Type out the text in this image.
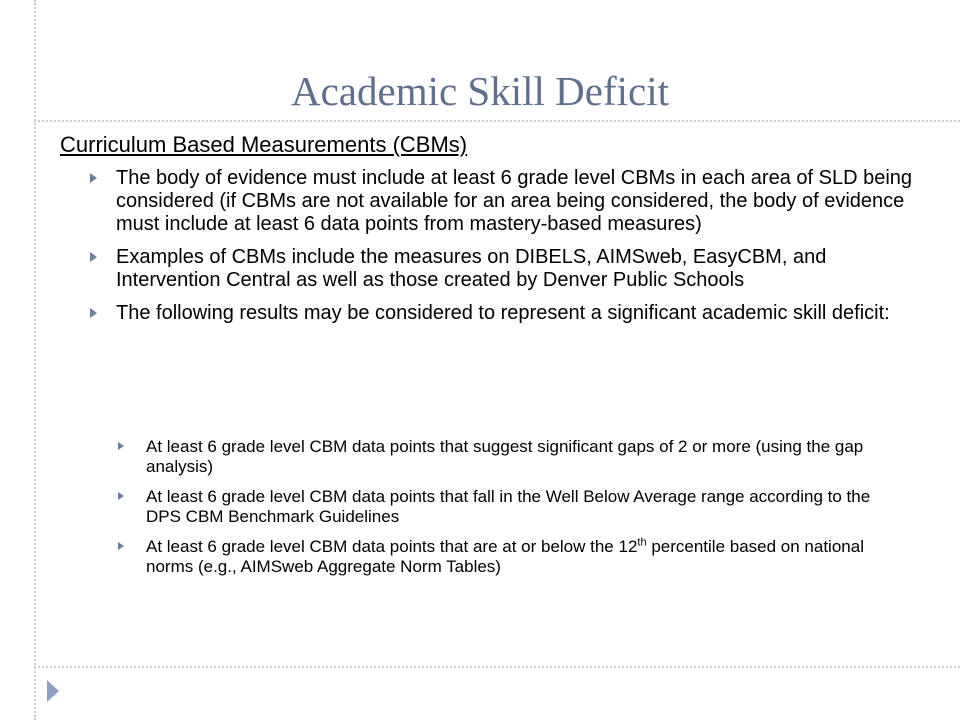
Academic Skill Deficit
Curriculum Based Measurements (CBMs)
The body of evidence must include at least 6 grade level CBMs in each area of SLD being considered (if CBMs are not available for an area being considered, the body of evidence must include at least 6 data points from mastery-based measures)
Examples of CBMs include the measures on DIBELS, AIMSweb, EasyCBM, and Intervention Central as well as those created by Denver Public Schools
The following results may be considered to represent a significant academic skill deficit:
At least 6 grade level CBM data points that suggest significant gaps of 2 or more (using the gap analysis)
At least 6 grade level CBM data points that fall in the Well Below Average range according to the DPS CBM Benchmark Guidelines
At least 6 grade level CBM data points that are at or below the 12th percentile based on national norms (e.g., AIMSweb Aggregate Norm Tables)
